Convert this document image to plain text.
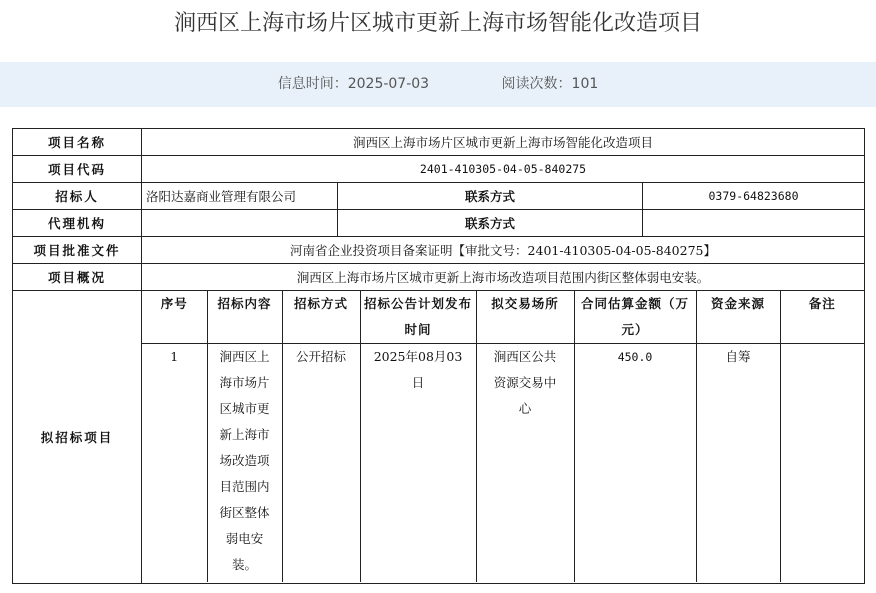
涧西区上海市场片区城市更新上海市场智能化改造项目
信息时间：2025-07-03	阅读次数：101
项目名称	涧西区上海市场片区城市更新上海市场智能化改造项目
项目代码	2401-410305-04-05-840275
招标人	洛阳达嘉商业管理有限公司	联系方式	0379-64823680
代理机构		联系方式	
项目批准文件	河南省企业投资项目备案证明【审批文号：2401-410305-04-05-840275】
项目概况	涧西区上海市场片区城市更新上海市场改造项目范围内街区整体弱电安装。
拟招标项目	
序号	招标内容	招标方式	招标公告计划发布时间	拟交易场所	合同估算金额（万元）	资金来源	备注
1	涧西区上海市场片区城市更新上海市场改造项目范围内街区整体弱电安装。	公开招标	2025年08月03日	涧西区公共资源交易中心	450.0	自筹	
